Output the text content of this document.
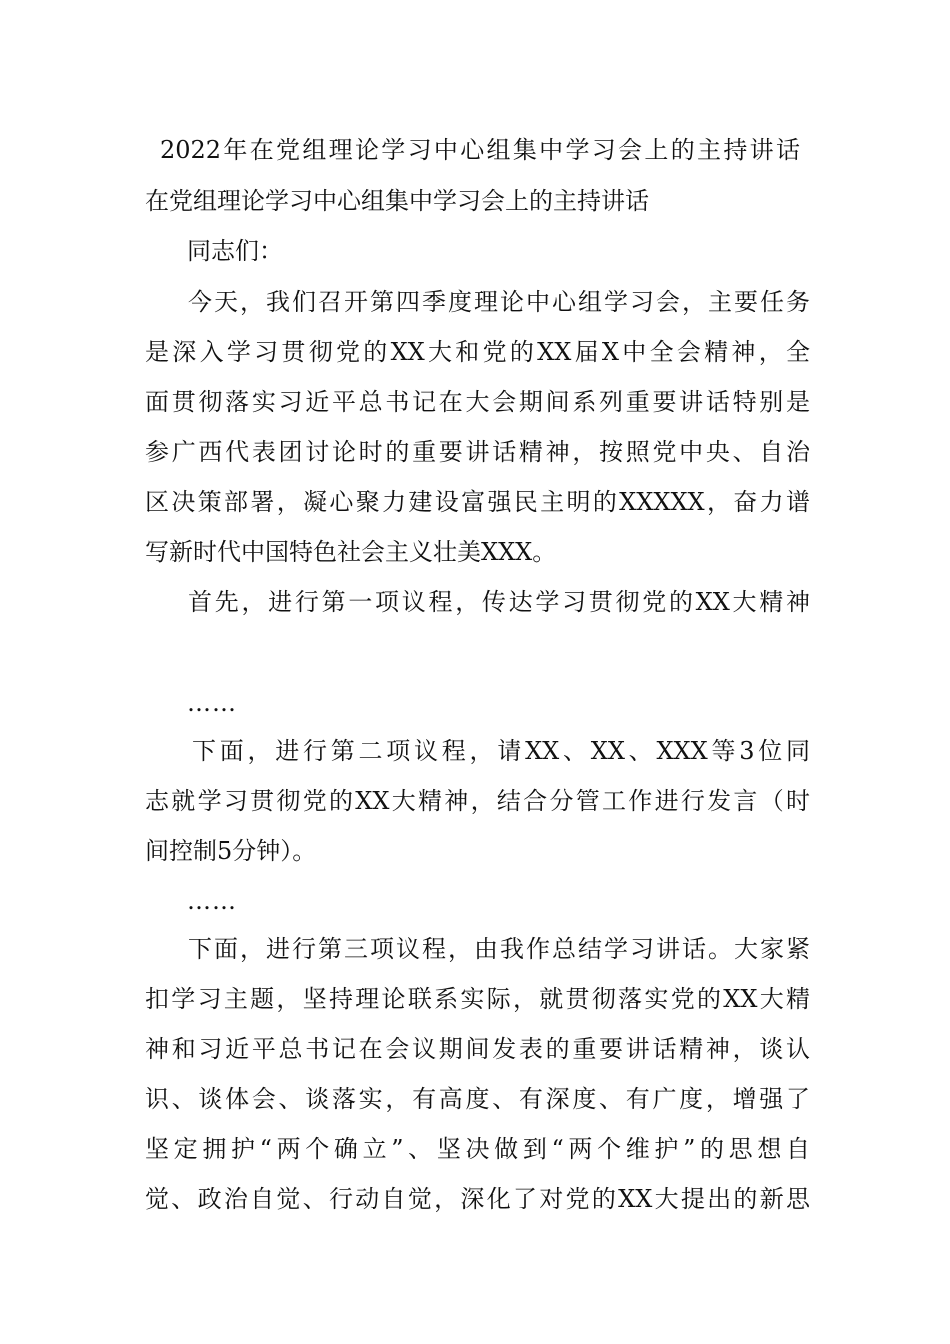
2022年在党组理论学习中心组集中学习会上的主持讲话
在党组理论学习中心组集中学习会上的主持讲话
同志们：
今天，我们召开第四季度理论中心组学习会，主要任务
是深入学习贯彻党的XX大和党的XX届X中全会精神，全
面贯彻落实习近平总书记在大会期间系列重要讲话特别是
参广西代表团讨论时的重要讲话精神，按照党中央、自治
区决策部署，凝心聚力建设富强民主明的XXXXX，奋力谱
写新时代中国特色社会主义壮美XXX。
首先，进行第一项议程，传达学习贯彻党的XX大精神
……
下面，进行第二项议程，请XX、XX、XXX等3位同
志就学习贯彻党的XX大精神，结合分管工作进行发言（时
间控制5分钟）。
……
下面，进行第三项议程，由我作总结学习讲话。大家紧
扣学习主题，坚持理论联系实际，就贯彻落实党的XX大精
神和习近平总书记在会议期间发表的重要讲话精神，谈认
识、谈体会、谈落实，有高度、有深度、有广度，增强了
坚定拥护“两个确立”、坚决做到“两个维护”的思想自
觉、政治自觉、行动自觉，深化了对党的XX大提出的新思
